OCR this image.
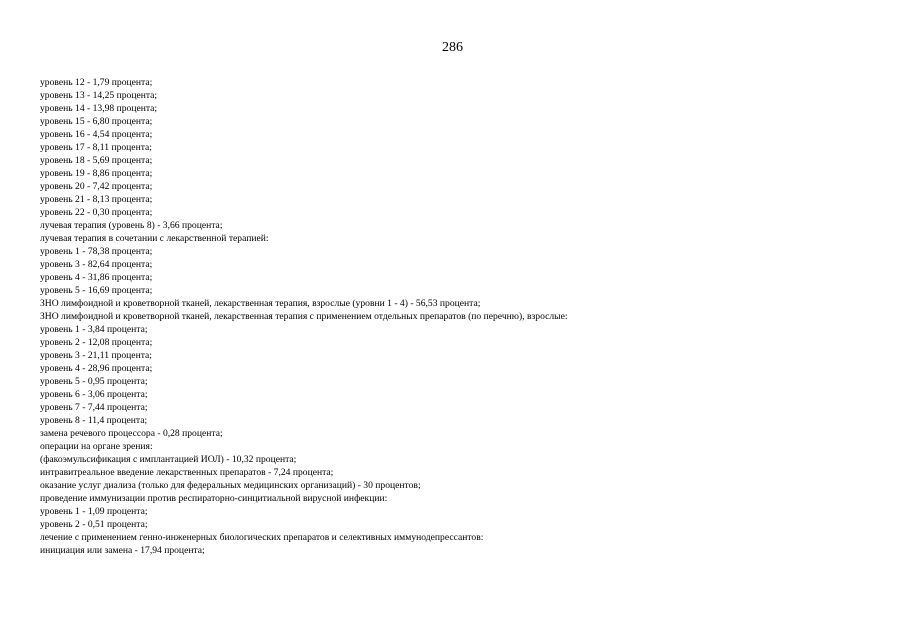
286

уровень 12 - 1,79 процента;

уровень 13 - 14,25 процента;

уровень 14 - 13,98 процента;

уровень 15 - 6,80 процента;

уровень 16 - 4,54 процента;

уровень 17 - 8,11 процента;

уровень 18 - 5,69 процента;

уровень 19 - 8,86 процента;

уровень 20 - 7,42 процента;

уровень 21 - 8,13 процента;

уровень 22 - 0,30 процента;

лучевая терапия (уровень 8) - 3,66 процента;

лучевая терапия в сочетании с лекарственной терапией:

уровень 1 - 78,38 процента;

уровень 3 - 82,64 процента;

уровень 4 - 31,86 процента;

уровень 5 - 16,69 процента;

ЗНО лимфоидной и кроветворной тканей, лекарственная терапия, взрослые (уровни 1 - 4) - 56,53 процента;

ЗНО лимфоидной и кроветворной тканей, лекарственная терапия с применением отдельных препаратов (по перечню), взрослые:

уровень 1 - 3,84 процента;

уровень 2 - 12,08 процента;

уровень 3 - 21,11 процента;

уровень 4 - 28,96 процента;

уровень 5 - 0,95 процента;

уровень 6 - 3,06 процента;

уровень 7 - 7,44 процента;

уровень 8 - 11,4 процента;

замена речевого процессора - 0,28 процента;

операции на органе зрения:

(факоэмульсификация с имплантацией ИОЛ) - 10,32 процента;

интравитреальное введение лекарственных препаратов - 7,24 процента;

оказание услуг диализа (только для федеральных медицинских организаций) - 30 процентов;

проведение иммунизации против респираторно-синцитиальной вирусной инфекции:

уровень 1 - 1,09 процента;

уровень 2 - 0,51 процента;

лечение с применением генно-инженерных биологических препаратов и селективных иммунодепрессантов:

инициация или замена - 17,94 процента;
